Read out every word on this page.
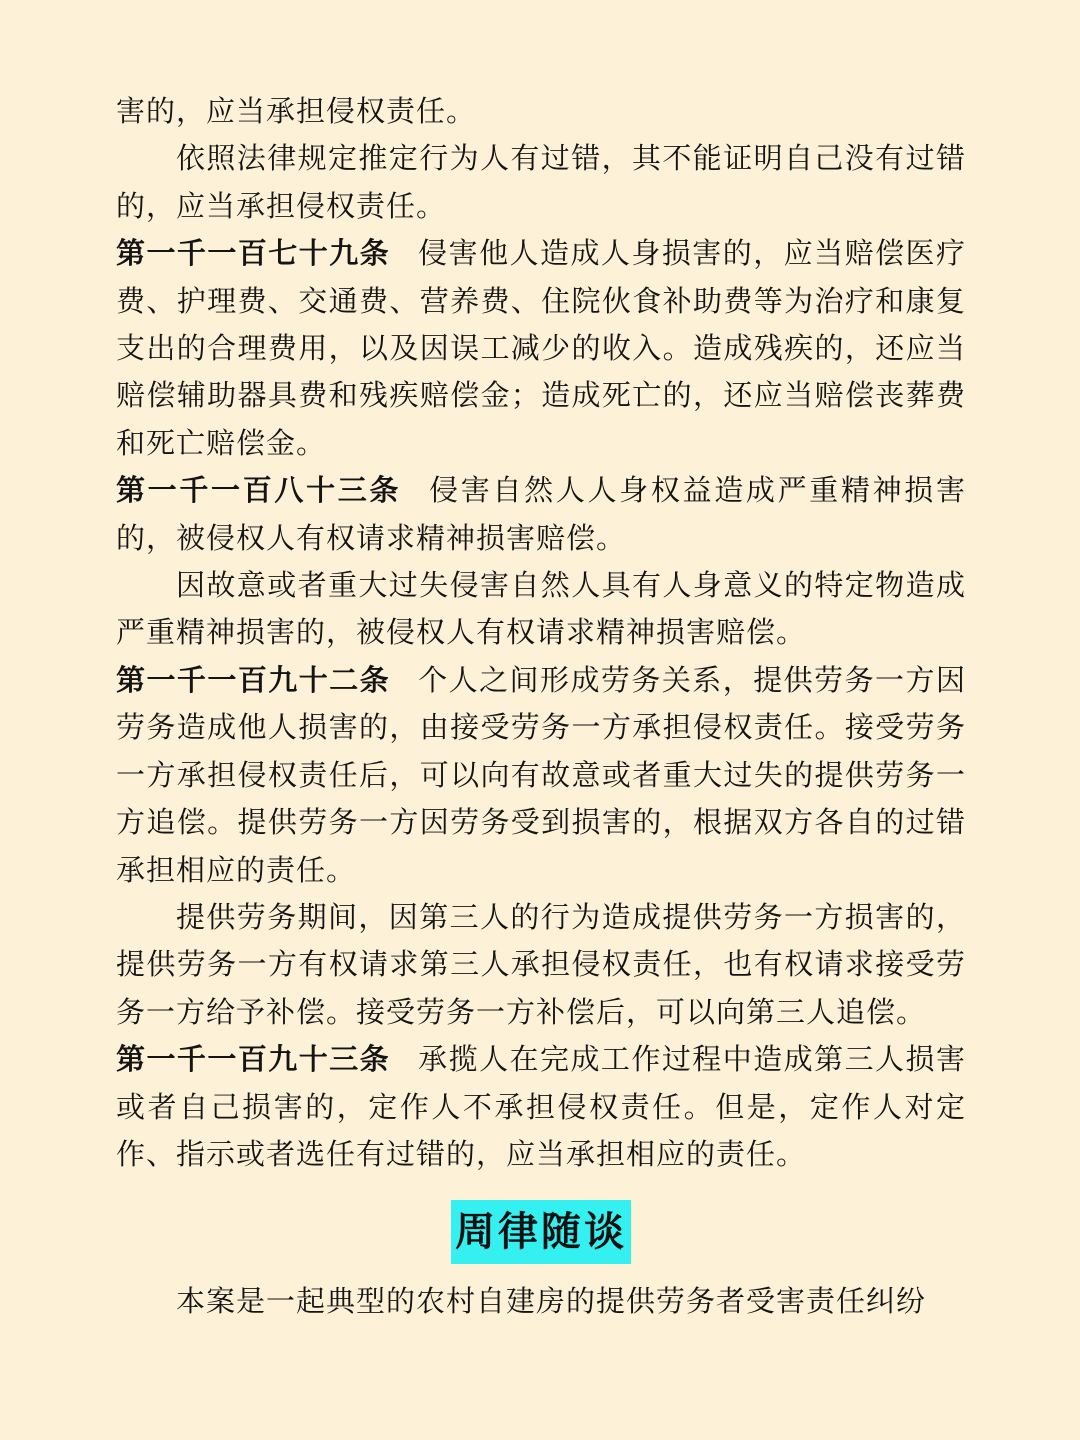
害的，应当承担侵权责任。

依照法律规定推定行为人有过错，其不能证明自己没有过错的，应当承担侵权责任。

第一千一百七十九条 侵害他人造成人身损害的，应当赔偿医疗费、护理费、交通费、营养费、住院伙食补助费等为治疗和康复支出的合理费用，以及因误工减少的收入。造成残疾的，还应当赔偿辅助器具费和残疾赔偿金；造成死亡的，还应当赔偿丧葬费和死亡赔偿金。

第一千一百八十三条 侵害自然人人身权益造成严重精神损害的，被侵权人有权请求精神损害赔偿。

因故意或者重大过失侵害自然人具有人身意义的特定物造成严重精神损害的，被侵权人有权请求精神损害赔偿。

第一千一百九十二条 个人之间形成劳务关系，提供劳务一方因劳务造成他人损害的，由接受劳务一方承担侵权责任。接受劳务一方承担侵权责任后，可以向有故意或者重大过失的提供劳务一方追偿。提供劳务一方因劳务受到损害的，根据双方各自的过错承担相应的责任。

提供劳务期间，因第三人的行为造成提供劳务一方损害的，提供劳务一方有权请求第三人承担侵权责任，也有权请求接受劳务一方给予补偿。接受劳务一方补偿后，可以向第三人追偿。

第一千一百九十三条 承揽人在完成工作过程中造成第三人损害或者自己损害的，定作人不承担侵权责任。但是，定作人对定作、指示或者选任有过错的，应当承担相应的责任。

周律随谈

本案是一起典型的农村自建房的提供劳务者受害责任纠纷
